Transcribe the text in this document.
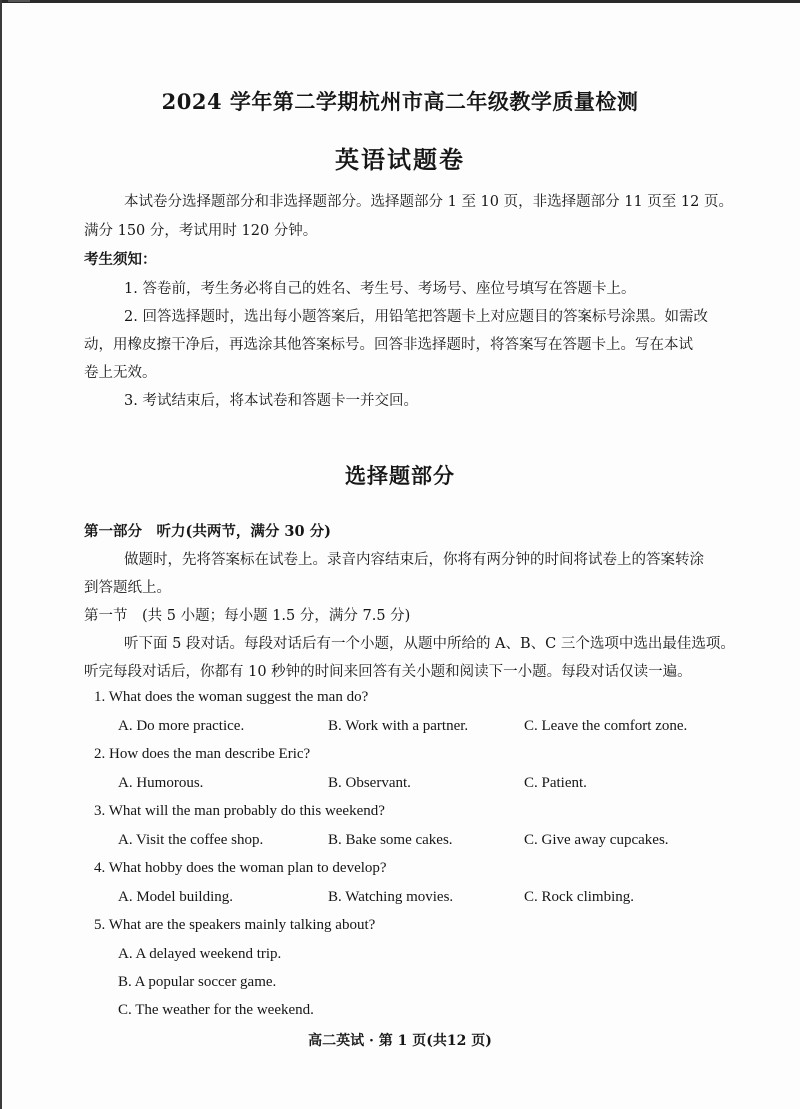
2024 学年第二学期杭州市高二年级教学质量检测
英语试题卷
本试卷分选择题部分和非选择题部分。选择题部分 1 至 10 页，非选择题部分 11 页至 12 页。
满分 150 分，考试用时 120 分钟。
考生须知：
1. 答卷前，考生务必将自己的姓名、考生号、考场号、座位号填写在答题卡上。
2. 回答选择题时，选出每小题答案后，用铅笔把答题卡上对应题目的答案标号涂黑。如需改
动，用橡皮擦干净后，再选涂其他答案标号。回答非选择题时，将答案写在答题卡上。写在本试
卷上无效。
3. 考试结束后，将本试卷和答题卡一并交回。
选择题部分
第一部分　听力(共两节，满分 30 分)
做题时，先将答案标在试卷上。录音内容结束后，你将有两分钟的时间将试卷上的答案转涂
到答题纸上。
第一节　(共 5 小题；每小题 1.5 分，满分 7.5 分)
听下面 5 段对话。每段对话后有一个小题，从题中所给的 A、B、C 三个选项中选出最佳选项。
听完每段对话后，你都有 10 秒钟的时间来回答有关小题和阅读下一小题。每段对话仅读一遍。
1. What does the woman suggest the man do?
A. Do more practice.	B. Work with a partner.	C. Leave the comfort zone.
2. How does the man describe Eric?
A. Humorous.	B. Observant.	C. Patient.
3. What will the man probably do this weekend?
A. Visit the coffee shop.	B. Bake some cakes.	C. Give away cupcakes.
4. What hobby does the woman plan to develop?
A. Model building.	B. Watching movies.	C. Rock climbing.
5. What are the speakers mainly talking about?
A. A delayed weekend trip.
B. A popular soccer game.
C. The weather for the weekend.
高二英试 · 第 1 页(共12 页)
